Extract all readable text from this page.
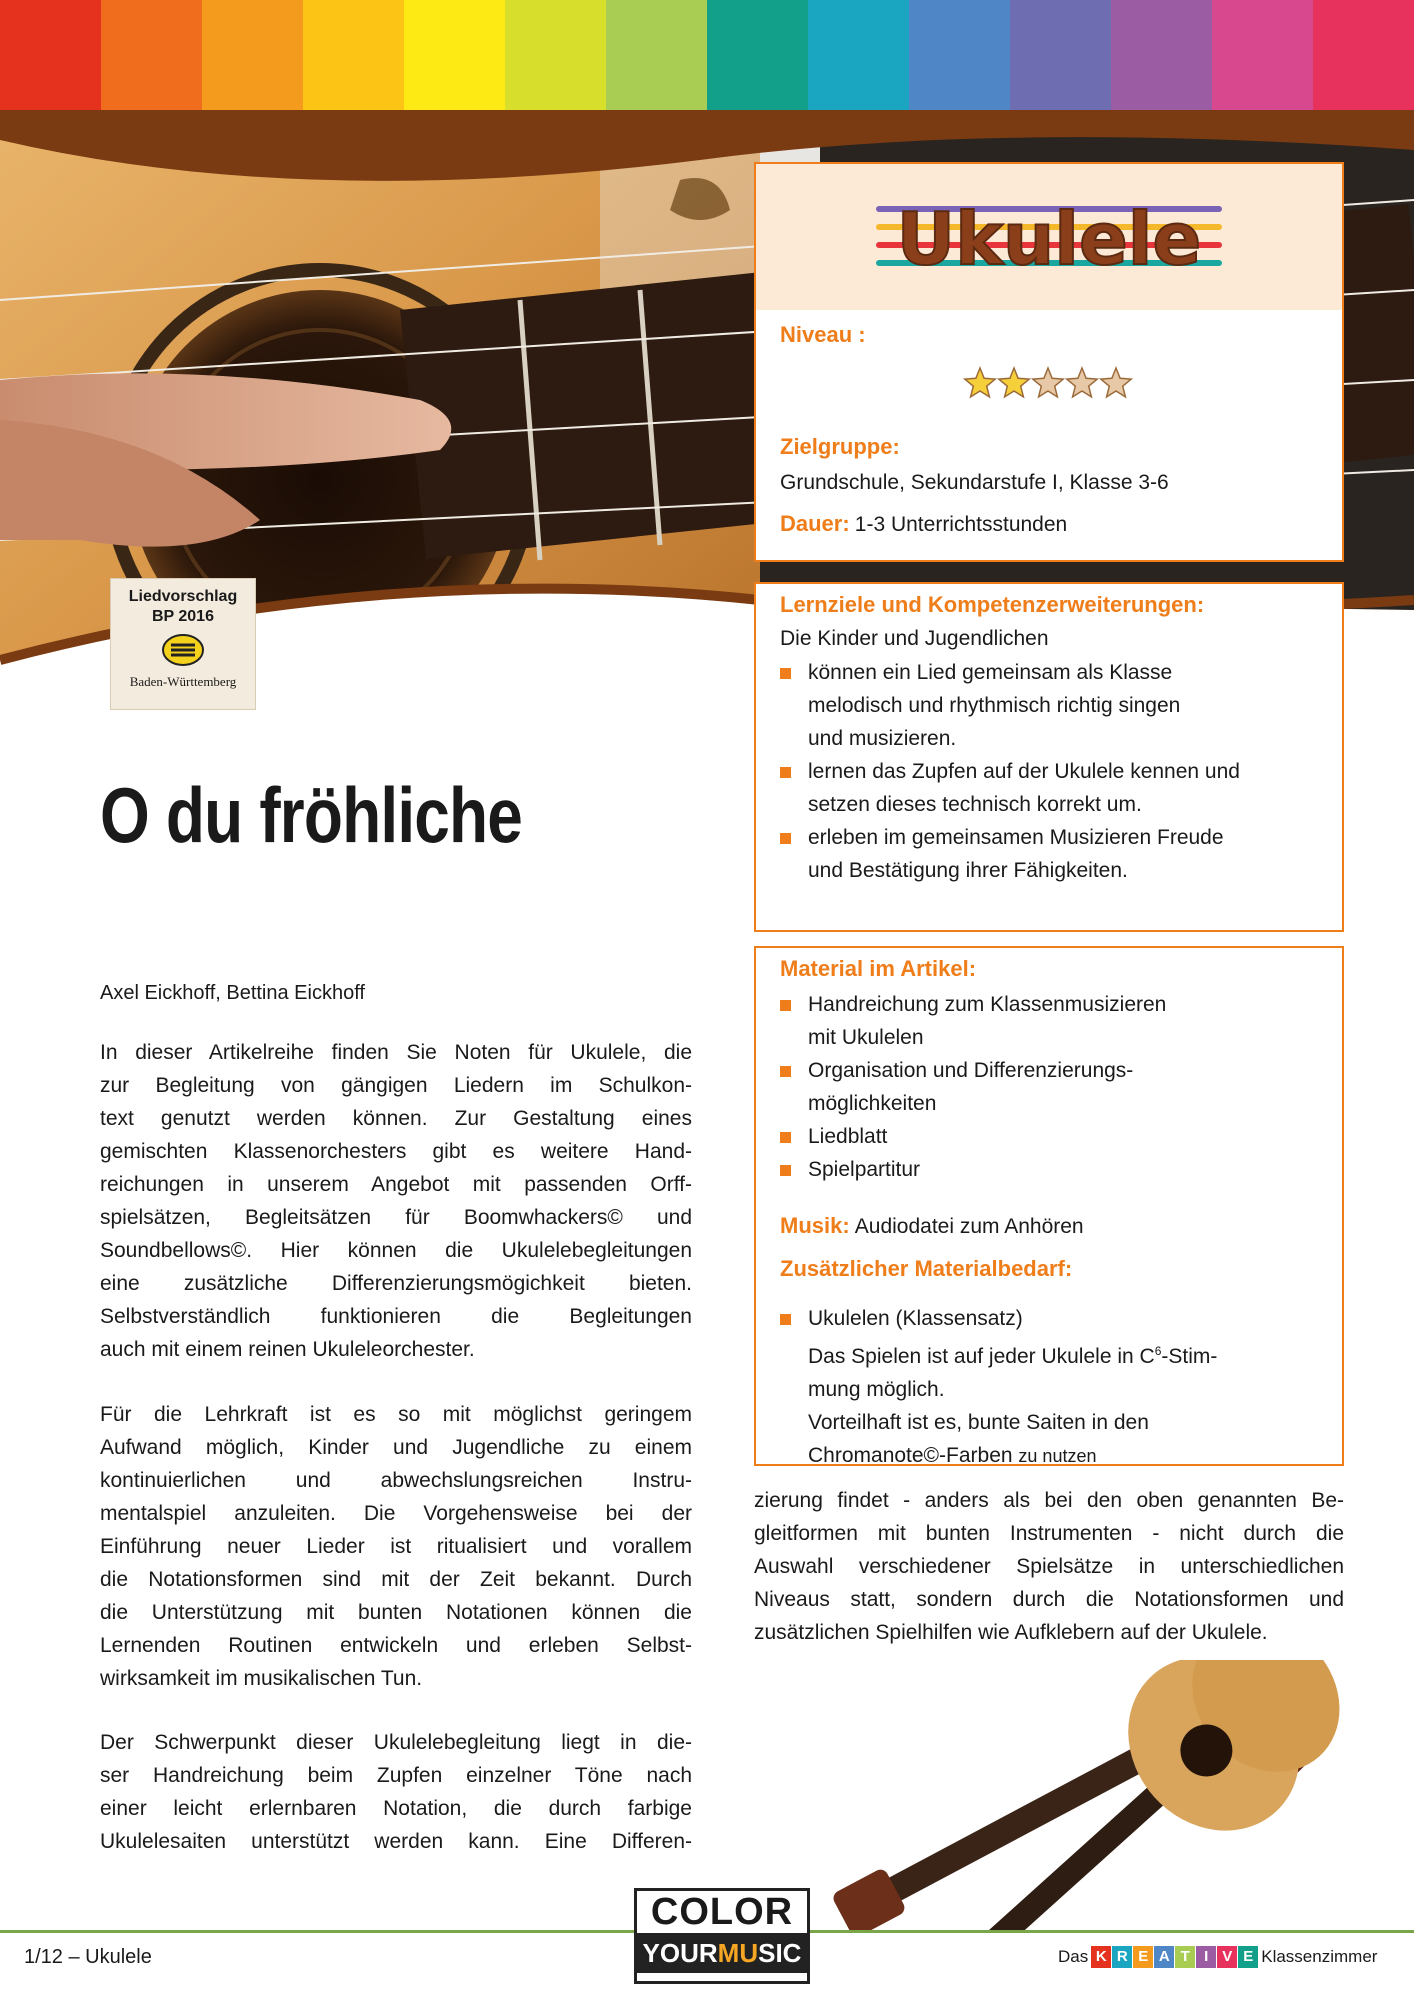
Liedvorschlag
BP 2016
Baden-Württemberg
Ukulele
Niveau :
Zielgruppe:
Grundschule, Sekundarstufe I, Klasse 3-6
Dauer: 1-3 Unterrichtsstunden
Lernziele und Kompetenzerweiterungen:
Die Kinder und Jugendlichen
können ein Lied gemeinsam als Klasse
melodisch und rhythmisch richtig singen
und musizieren.
lernen das Zupfen auf der Ukulele kennen und
setzen dieses technisch korrekt um.
erleben im gemeinsamen Musizieren Freude
und Bestätigung ihrer Fähigkeiten.
Material im Artikel:
Handreichung zum Klassenmusizieren
mit Ukulelen
Organisation und Differenzierungs-
möglichkeiten
Liedblatt
Spielpartitur
Musik: Audiodatei zum Anhören
Zusätzlicher Materialbedarf:
Ukulelen (Klassensatz)
Das Spielen ist auf jeder Ukulele in $C^6-Stim-$
mung möglich.
Vorteilhaft ist es, bunte Saiten in den
Chromanote©-Farben zu nutzen
O du fröhliche
Axel Eickhoff, Bettina Eickhoff
In dieser Artikelreihe finden Sie Noten für Ukulele, die
zur Begleitung von gängigen Liedern im Schulkon-
text genutzt werden können. Zur Gestaltung eines
gemischten Klassenorchesters gibt es weitere Hand-
reichungen in unserem Angebot mit passenden Orff-
spielsätzen, Begleitsätzen für Boomwhackers© und
Soundbellows©. Hier können die Ukulelebegleitungen
eine zusätzliche Differenzierungsmögichkeit bieten.
Selbstverständlich funktionieren die Begleitungen
auch mit einem reinen Ukuleleorchester.
Für die Lehrkraft ist es so mit möglichst geringem
Aufwand möglich, Kinder und Jugendliche zu einem
kontinuierlichen und abwechslungsreichen Instru-
mentalspiel anzuleiten. Die Vorgehensweise bei der
Einführung neuer Lieder ist ritualisiert und vorallem
die Notationsformen sind mit der Zeit bekannt. Durch
die Unterstützung mit bunten Notationen können die
Lernenden Routinen entwickeln und erleben Selbst-
wirksamkeit im musikalischen Tun.
Der Schwerpunkt dieser Ukulelebegleitung liegt in die-
ser Handreichung beim Zupfen einzelner Töne nach
einer leicht erlernbaren Notation, die durch farbige
Ukulelesaiten unterstützt werden kann. Eine Differen-
zierung findet - anders als bei den oben genannten Be-
gleitformen mit bunten Instrumenten - nicht durch die
Auswahl verschiedener Spielsätze in unterschiedlichen
Niveaus statt, sondern durch die Notationsformen und
zusätzlichen Spielhilfen wie Aufklebern auf der Ukulele.
1/12 – Ukulele
COLOR
YOURMUSIC	Das K R E A T I V E Klassenzimmer
